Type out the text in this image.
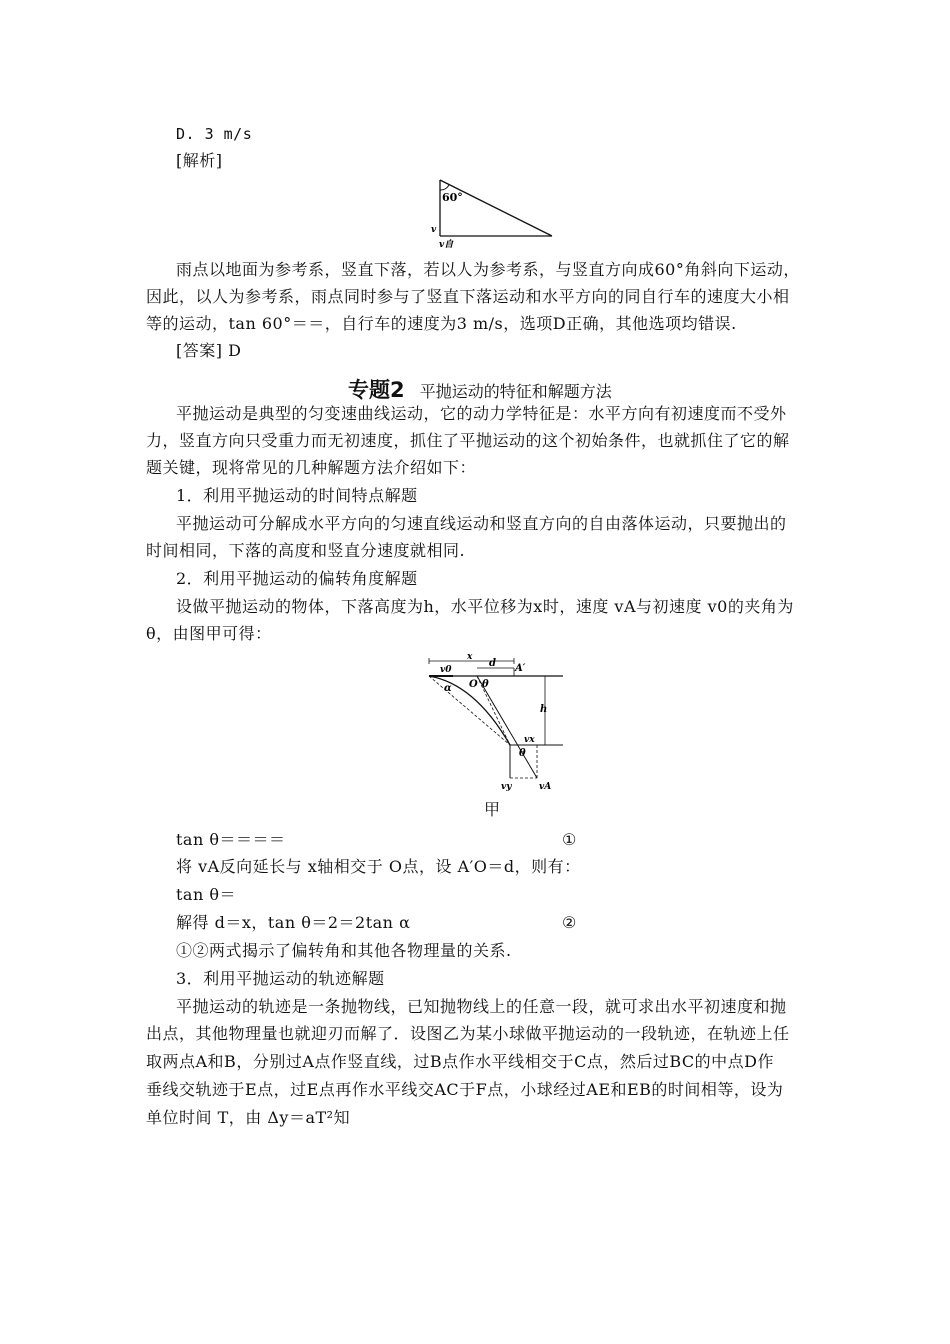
D. 3 m/s
[解析]
60°
v
v自
雨点以地面为参考系，竖直下落，若以人为参考系，与竖直方向成60°角斜向下运动，
因此，以人为参考系，雨点同时参与了竖直下落运动和水平方向的同自行车的速度大小相
等的运动，tan 60°＝＝，自行车的速度为3 m/s，选项D正确，其他选项均错误.
[答案] D
专题2 平抛运动的特征和解题方法
平抛运动是典型的匀变速曲线运动，它的动力学特征是：水平方向有初速度而不受外
力，竖直方向只受重力而无初速度，抓住了平抛运动的这个初始条件，也就抓住了它的解
题关键，现将常见的几种解题方法介绍如下：
1．利用平抛运动的时间特点解题
平抛运动可分解成水平方向的匀速直线运动和竖直方向的自由落体运动，只要抛出的
时间相同，下落的高度和竖直分速度就相同.
2．利用平抛运动的偏转角度解题
设做平抛运动的物体，下落高度为h，水平位移为x时，速度 vA与初速度 v0的夹角为
θ，由图甲可得：
x
d A′
v0
O
α	θ
h
vx
θ
vy	vA
甲
tan θ＝＝＝＝	①
将 vA反向延长与 x轴相交于 O点，设 A′O＝d，则有：
tan θ＝
解得 d＝x，tan θ＝2＝2tan α	②
①②两式揭示了偏转角和其他各物理量的关系.
3．利用平抛运动的轨迹解题
平抛运动的轨迹是一条抛物线，已知抛物线上的任意一段，就可求出水平初速度和抛
出点，其他物理量也就迎刃而解了．设图乙为某小球做平抛运动的一段轨迹，在轨迹上任
取两点A和B，分别过A点作竖直线，过B点作水平线相交于C点，然后过BC的中点D作
垂线交轨迹于E点，过E点再作水平线交AC于F点，小球经过AE和EB的时间相等，设为
单位时间 T，由 Δy＝aT²知
